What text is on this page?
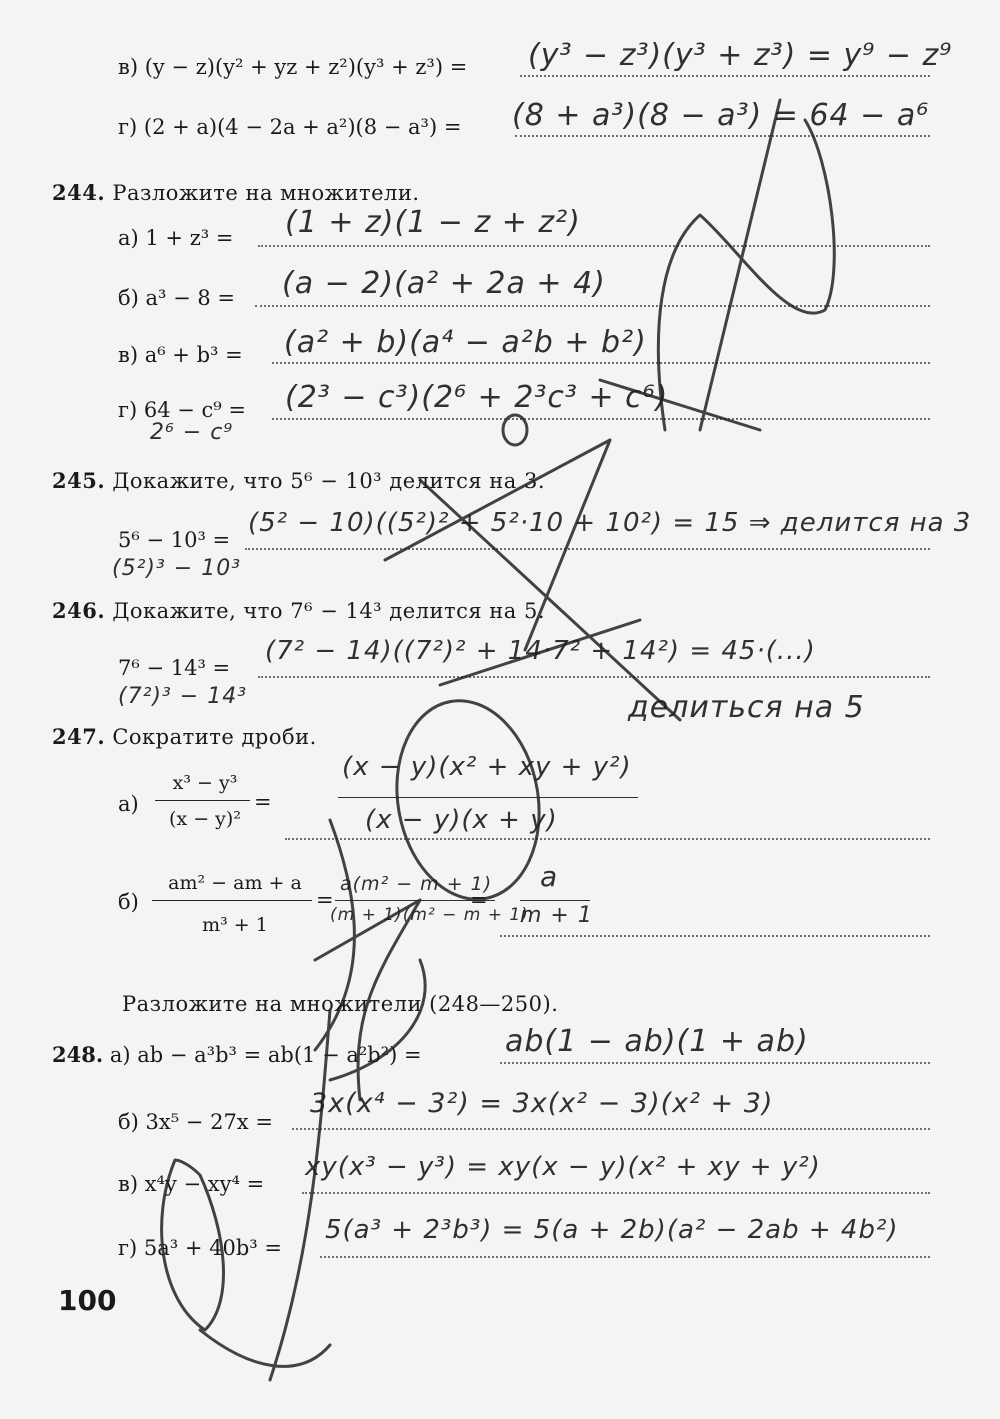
в) (y − z)(y² + yz + z²)(y³ + z³) = (y³ − z³)(y³ + z³) = y⁹ − z⁹
г) (2 + a)(4 − 2a + a²)(8 − a³) = (8 + a³)(8 − a³) = 64 − a⁶
244. Разложите на множители.
а) 1 + z³ = (1 + z)(1 − z + z²)
б) a³ − 8 = (a − 2)(a² + 2a + 4)
в) a⁶ + b³ = (a² + b)(a⁴ − a²b + b²)
г) 64 − c⁹ = (2³ − c³)(2⁶ + 2³c³ + c⁶)
2⁶ − c⁹
245. Докажите, что 5⁶ − 10³ делится на 3.
5⁶ − 10³ =
(5² − 10)((5²)² + 5²·10 + 10²) = 15 ⇒ делится на 3
(5²)³ − 10³
246. Докажите, что 7⁶ − 14³ делится на 5.
7⁶ − 14³ =
(7² − 14)((7²)² + 14·7² + 14²) = 45·(...)
(7²)³ − 14³	делиться на 5
247. Сократите дроби.
а)
x³ − y³
(x − y)²
=
(x − y)(x² + xy + y²)
(x − y)(x + y)
б)
am² − am + a
m³ + 1
=
a(m² − m + 1)
(m + 1)(m² − m + 1)
=
a
m + 1
Разложите на множители (248—250).
248. а) ab − a³b³ = ab(1 − a²b²) =	ab(1 − ab)(1 + ab)
б) 3x⁵ − 27x =
3x(x⁴ − 3²) = 3x(x² − 3)(x² + 3)
в) x⁴y − xy⁴ =
xy(x³ − y³) = xy(x − y)(x² + xy + y²)
г) 5a³ + 40b³ =
5(a³ + 2³b³) = 5(a + 2b)(a² − 2ab + 4b²)
100
